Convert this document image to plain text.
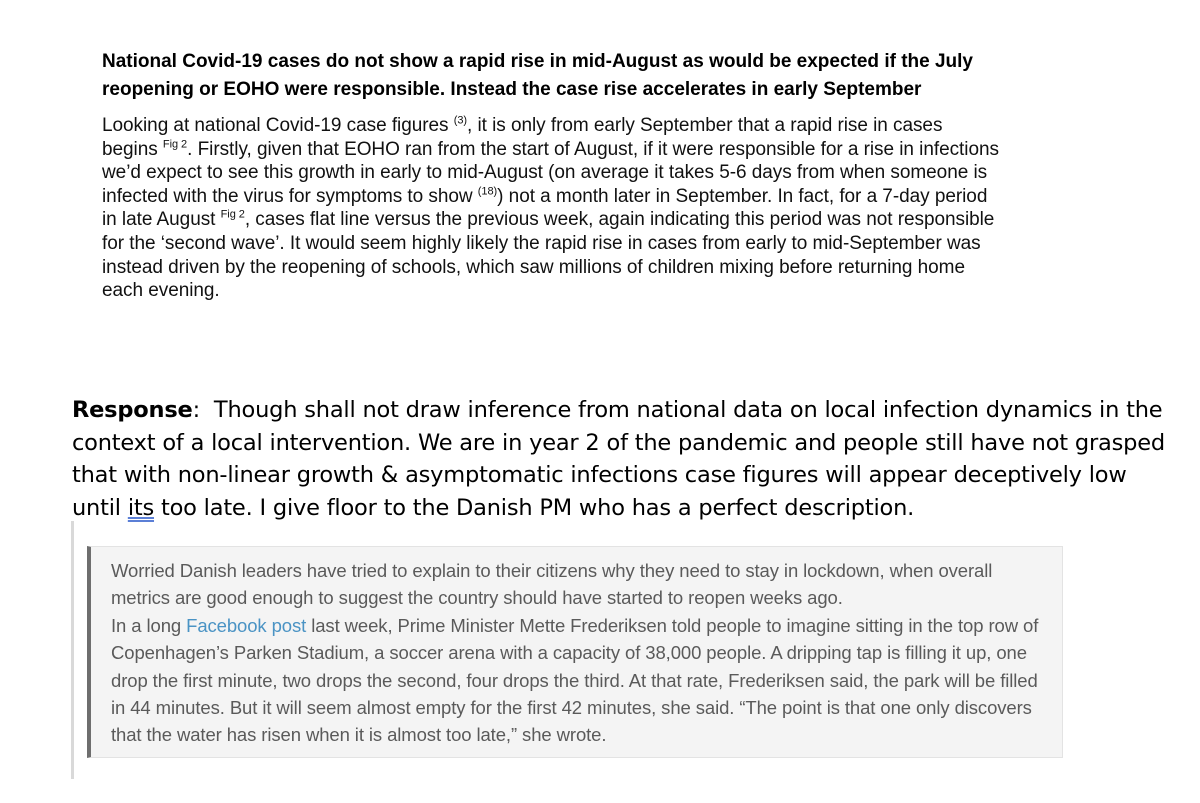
National Covid-19 cases do not show a rapid rise in mid-August as would be expected if the July reopening or EOHO were responsible. Instead the case rise accelerates in early September

Looking at national Covid-19 case figures $^{(3)}$, it is only from early September that a rapid rise in cases begins $^{Fig 2}$. Firstly, given that EOHO ran from the start of August, if it were responsible for a rise in infections we’d expect to see this growth in early to mid-August (on average it takes 5-6 days from when someone is infected with the virus for symptoms to show $^{(18)}$) not a month later in September. In fact, for a 7-day period in late August $^{Fig 2}$, cases flat line versus the previous week, again indicating this period was not responsible for the ‘second wave’. It would seem highly likely the rapid rise in cases from early to mid-September was instead driven by the reopening of schools, which saw millions of children mixing before returning home each evening.

Response:  Though shall not draw inference from national data on local infection dynamics in the context of a local intervention. We are in year 2 of the pandemic and people still have not grasped that with non-linear growth & asymptomatic infections case figures will appear deceptively low until its too late. I give floor to the Danish PM who has a perfect description.

Worried Danish leaders have tried to explain to their citizens why they need to stay in lockdown, when overall metrics are good enough to suggest the country should have started to reopen weeks ago.

In a long Facebook post last week, Prime Minister Mette Frederiksen told people to imagine sitting in the top row of Copenhagen’s Parken Stadium, a soccer arena with a capacity of 38,000 people. A dripping tap is filling it up, one drop the first minute, two drops the second, four drops the third. At that rate, Frederiksen said, the park will be filled in 44 minutes. But it will seem almost empty for the first 42 minutes, she said. “The point is that one only discovers that the water has risen when it is almost too late,” she wrote.
